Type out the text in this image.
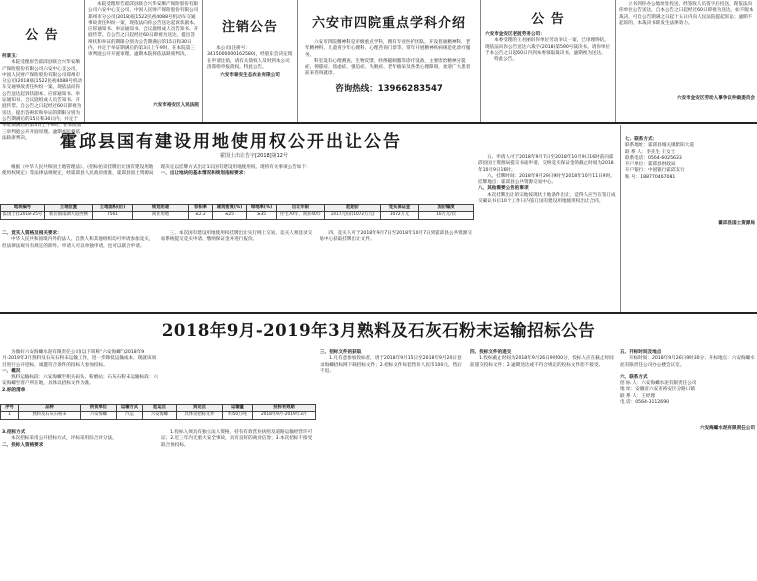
公 告
何景玉：
本院受理原告霍邱县联合兴华安顺产保险股份有限公司六安中心支公司，中国人民财产保险股份有限公司郑州市分公司(2018)皖1522民初4088号机动车交通事故责任纠纷一案，现依法向你公告送达起诉状副本、应诉通知书、举证通知书、合议庭组成人员告知书、开庭传票。自公告之日起经过60日即视为送达，提出答辩状和举证的期限分别为公告期满后的15日和30日内，并定于举证期满后的第3日上午9时，在本院第三审判庭公开开庭审理。逾期本院将依法缺席判决。
本院受理原告霍邱县联合兴华安顺产保险股份有限公司六安中心支公司，中国人民财产保险股份有限公司郑州市分公司(2018)皖1522民初4088号机动车交通事故责任纠纷一案，现依法向你公告送达起诉状副本、应诉通知书、举证通知书、合议庭组成人员告知书、开庭传票。自公告之日起经过60日即视为送达，提出答辩状和举证的期限分别为公告期满后的15日和30日内，并定于举证期满后的第3日上午9时，在本院第三审判庭公开开庭审理。逾期本院将依法缺席判决。
六安市裕安区人民法院
注销公告
本公司(注册号：3415000000162580)，经股东会决定现在申请注销，请有关债权人及时到本公司清算组申报债权。特此公告。
六安市泰安生态农业有限公司
六安市四院重点学科介绍
六安市四院精神科是市级重点学科，拥有专业医护团队，开设普通精神科、老年精神科、儿童青少年心理科、心理咨询门诊等，常年开展精神疾病规范化诊疗服务。
科室设有心理测查、生物反馈、经颅磁刺激等诊疗设备，主要诊治精神分裂症、抑郁症、焦虑症、强迫症、失眠症、老年痴呆及各类心理障碍，欢迎广大患者前来咨询就诊。
咨询热线：13966283547
公 告
六安市金安区老挝劳务公司：
本委受理的王君丽诉你单位劳动争议一案，已审理终结。现依法向你公告送达六裁字(2018)第590号裁决书。请你单位于本公告之日起60日内到本委领取裁决书，逾期视为送达。
特此公告。
立书到你办公地址处投送，经签收人员签字后投送，现依法向你单位公告送达，自本公告之日起经过60日即视为送达。如不服本裁决，可自公告期满之日起十五日内向人民法院提起诉讼；逾期不起诉的，本裁决书即发生法律效力。
六安市金安区劳动人事争议仲裁委员会
霍邱县国有建设用地使用权公开出让公告
霍国土出让告字[2018]第12号
根据《中华人民共和国土地管理法》、《招标拍卖挂牌出让国有建设用地使用权规定》等法律法规规定，经霍邱县人民政府批准，霍邱县国土资源局现决定以挂牌方式出让1宗国有建设用地使用权。现将有关事项公告如下：
一、出让地块的基本情况和规划指标要求：
地块编号	土地位置	土地面积(㎡)	规划用途	容积率	建筑密度(%)	绿地率(%)	出让年限	起始价	竞买保证金	加价幅度
霍国土挂2018-25号	新店镇南湖大道西侧	7561	商住用地	≤2.2	≤25	≥35	住宅70年、商业40年	1417元/㎡(1072万元)	1072万元	10万元/次
二、竞买人资格及相关要求：
中华人民共和国境内外的法人、自然人和其他组织均可申请参加竞买，但法律法规另有规定的除外。申请人可以单独申请，也可以联合申请。
三、本次国有建设用地使用权挂牌出让实行网上交易，竞买人须登录交易系统提交竞买申请、缴纳保证金并进行报价。
四、竞买人可于2018年9月7日至2018年10月7日到霍邱县公共资源交易中心获取挂牌出让文件。
五、申请人可于2018年9月7日至2018年10月9日16时前向霍邱县国土资源局提交书面申请，交纳竞买保证金的截止时间为2018年10月9日16时。
六、挂牌时间：2018年9月29日9时至2018年10月11日9时。挂牌地点：霍邱县公共资源交易中心。
八、其他需要公告的事项
本次挂牌出让的宗地按现状土地条件出让，竞得人应当在签订成交确认书后10个工作日内签订国有建设用地使用权出让合同。
七、联系方式：
联系地址：霍邱县城关镇紫阳大道
联 系 人：李先生 王女士
联系电话：0564-6025633
开户单位：霍邱县财政局
开户银行：中国银行霍邱支行
账 号：188770467081
霍邱县国土资源局
2018年9月-2019年3月熟料及石灰石粉末运输招标公告
为做好六安海螺水泥有限责任公司(以下简称“六安海螺”)2018年9月-2019年3月熟料及石灰石粉末运输工作，进一步降低运输成本，现就该项目进行公开招标，诚邀符合条件的投标人参加投标。
一、概况
熟料运输标段：六安海螺至相关码头、粉磨站；石灰石粉末运输标段：六安海螺至客户所在地，具体以招标文件为准。
2.标的清单
序号	品种	供货单位	运输方式	起运点	到达点	运输量	投标有效期
1	熟料及石灰石粉末	六安海螺	汽运	六安海螺	具体见招标文件	约50万吨	2018年9月-2019年3月
3.招标方式
本次招标采用公开招标方式，评标采用综合评分法。
二、投标人资格要求
1.投标人须具有独立法人资格，持有有效营业执照及道路运输经营许可证；2.近三年内无重大安全事故，具有良好的商业信誉；3.本次招标不接受联合体投标。
三、招标文件的获取
1.凡有意参加投标者，请于2018年9月15日至2018年9月20日登录海螺招标网下载招标文件；2.招标文件每套售价人民币100元，售后不退。
四、投标文件的递交
1.投标截止时间为2018年9月26日9时00分，投标人应在截止时间前递交投标文件；2.逾期送达或不符合规定的投标文件恕不接受。
五、开标时间及地点
开标时间：2018年9月26日9时30分；开标地点：六安海螺水泥有限责任公司办公楼会议室。
六、联系方式
招 标 人：六安海螺水泥有限责任公司
地 址：安徽省六安市裕安区分路口镇
联 系 人：王经理
电 话：0564-3112690
六安海螺水泥有限责任公司
